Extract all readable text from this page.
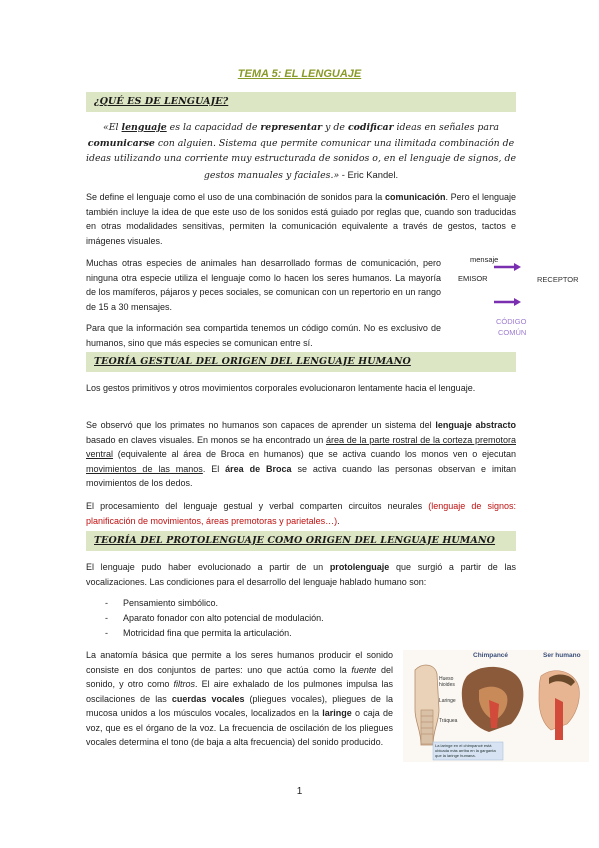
TEMA 5: EL LENGUAJE
¿QUÉ ES DE LENGUAJE?
«El lenguaje es la capacidad de representar y de codificar ideas en señales para comunicarse con alguien. Sistema que permite comunicar una ilimitada combinación de ideas utilizando una corriente muy estructurada de sonidos o, en el lenguaje de signos, de gestos manuales y faciales.» - Eric Kandel.

Se define el lenguaje como el uso de una combinación de sonidos para la comunicación. Pero el lenguaje también incluye la idea de que este uso de los sonidos está guiado por reglas que, cuando son traducidas en otras modalidades sensitivas, permiten la comunicación equivalente a través de gestos, tactos e imágenes visuales.

Muchas otras especies de animales han desarrollado formas de comunicación, pero ninguna otra especie utiliza el lenguaje como lo hacen los seres humanos. La mayoría de los mamíferos, pájaros y peces sociales, se comunican con un repertorio en un rango de 15 a 30 mensajes.

Para que la información sea compartida tenemos un código común. No es exclusivo de humanos, sino que más especies se comunican entre sí.

mensaje
EMISOR	RECEPTOR
CÓDIGO
COMÚN
TEORÍA GESTUAL DEL ORIGEN DEL LENGUAJE HUMANO

Los gestos primitivos y otros movimientos corporales evolucionaron lentamente hacia el lenguaje.

Se observó que los primates no humanos son capaces de aprender un sistema del lenguaje abstracto basado en claves visuales. En monos se ha encontrado un área de la parte rostral de la corteza premotora ventral (equivalente al área de Broca en humanos) que se activa cuando los monos ven o ejecutan movimientos de las manos. El área de Broca se activa cuando las personas observan e imitan movimientos de los dedos.

El procesamiento del lenguaje gestual y verbal comparten circuitos neurales (lenguaje de signos: planificación de movimientos, áreas premotoras y parietales…).

TEORÍA DEL PROTOLENGUAJE COMO ORIGEN DEL LENGUAJE HUMANO

El lenguaje pudo haber evolucionado a partir de un protolenguaje que surgió a partir de las vocalizaciones. Las condiciones para el desarrollo del lenguaje hablado humano son:

- Pensamiento simbólico.
- Aparato fonador con alto potencial de modulación.
- Motricidad fina que permita la articulación.

La anatomía básica que permite a los seres humanos producir el sonido consiste en dos conjuntos de partes: uno que actúa como la fuente del sonido, y otro como filtros. El aire exhalado de los pulmones impulsa las oscilaciones de las cuerdas vocales (pliegues vocales), pliegues de la mucosa unidos a los músculos vocales, localizados en la laringe o caja de voz, que es el órgano de la voz. La frecuencia de oscilación de los pliegues vocales determina el tono (de baja a alta frecuencia) del sonido producido.

Chimpancé	Ser humano
Hueso
hioides
Laringe
Tráquea
La laringe en el chimpancé está ubicada más arriba en la garganta que la laringe humana.
1
